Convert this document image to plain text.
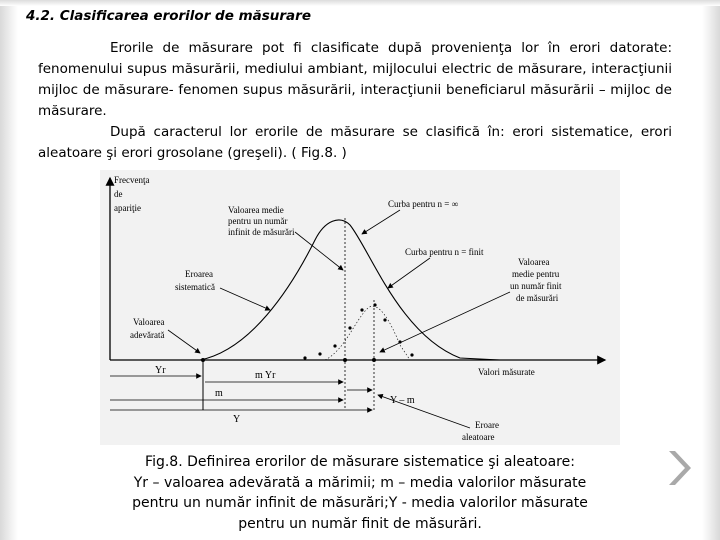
4.2. Clasificarea erorilor de măsurare

Erorile de măsurare pot fi clasificate după provenienţa lor în erori datorate: fenomenului supus măsurării, mediului ambiant, mijlocului electric de măsurare, interacţiunii mijloc de măsurare- fenomen supus măsurării, interacţiunii beneficiarul măsurării – mijloc de măsurare.

După caracterul lor erorile de măsurare se clasifică în: erori sistematice, erori aleatoare şi erori grosolane (greşeli). ( Fig.8. )

Frecvenţa
de
apariţie
Valori măsurate
Valoarea medie
pentru un număr
infinit de măsurări
Curba pentru n = ∞
Curba pentru n = finit
Eroarea
sistematică
Valoarea
adevărată
Valoarea
medie pentru
un număr finit
de măsurări
Yr	m Yr
m
Y
Y – m
Eroare
aleatoare
Fig.8. Definirea erorilor de măsurare sistematice şi aleatoare:
Yr – valoarea adevărată a mărimii; m – media valorilor măsurate
pentru un număr infinit de măsurări;Y - media valorilor măsurate
pentru un număr finit de măsurări.
